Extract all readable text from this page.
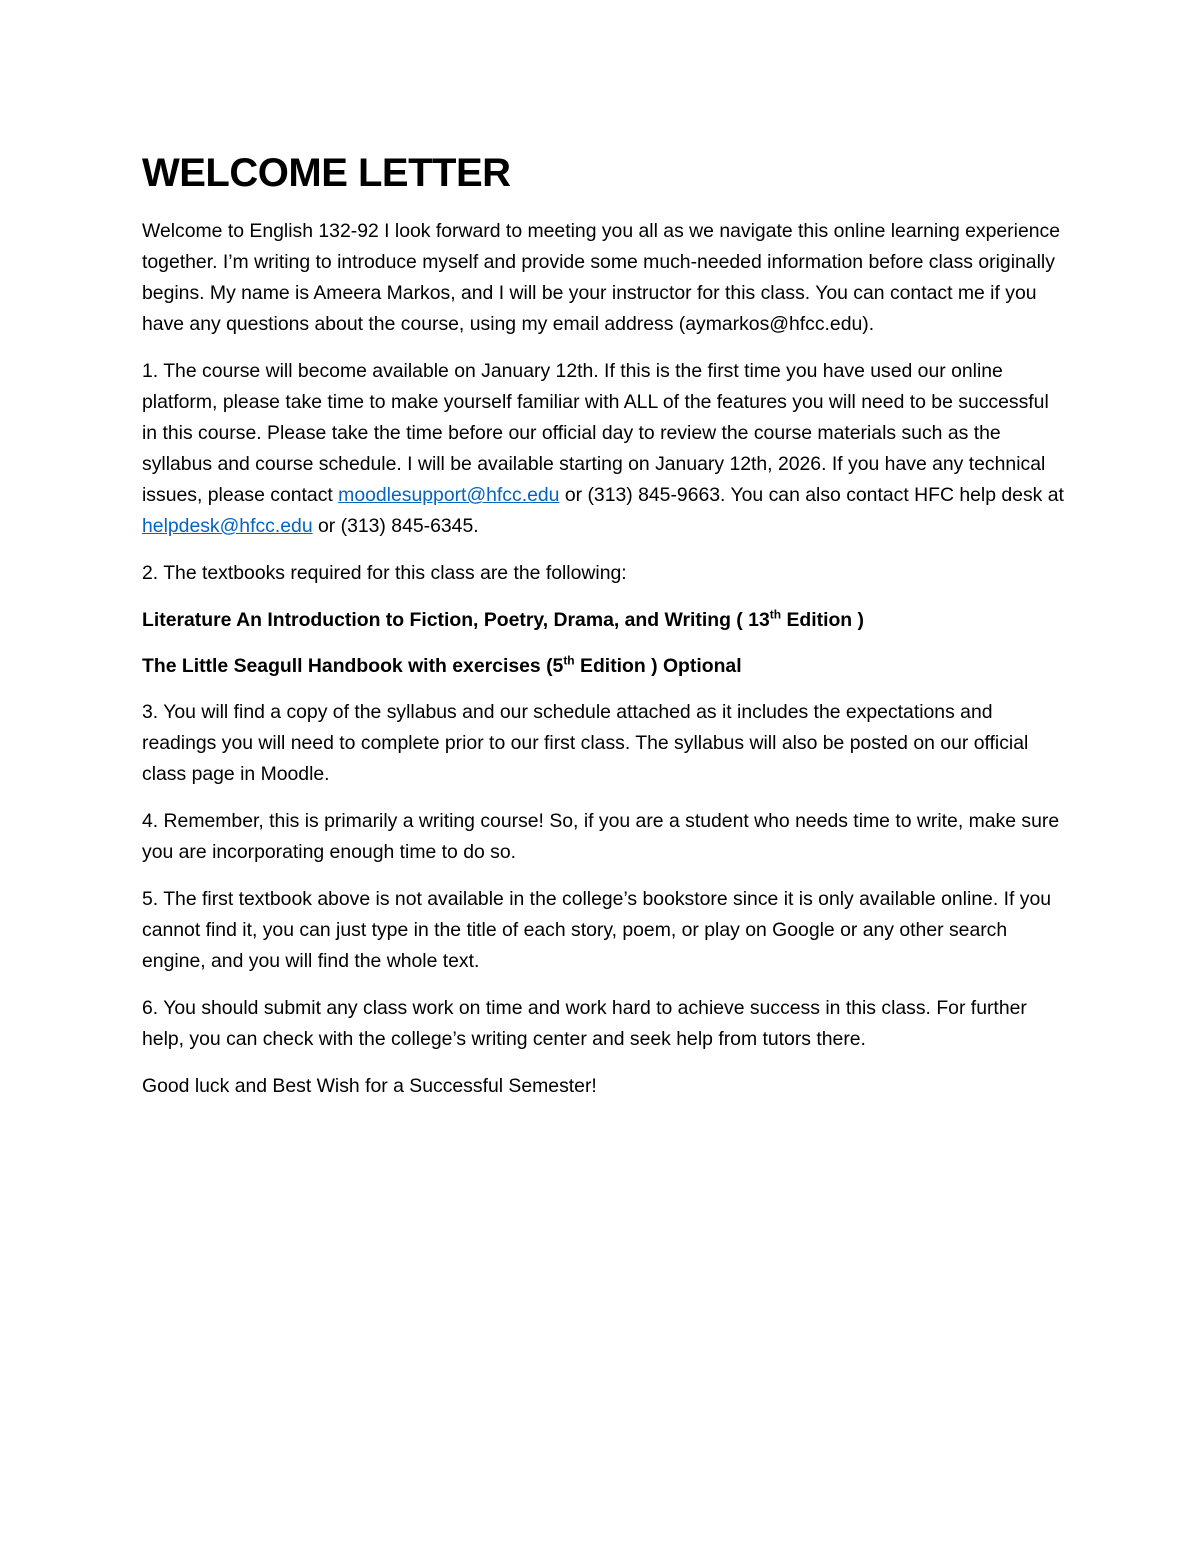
WELCOME LETTER

Welcome to English 132-92 I look forward to meeting you all as we navigate this online learning experience together. I’m writing to introduce myself and provide some much-needed information before class originally begins. My name is Ameera Markos, and I will be your instructor for this class. You can contact me if you have any questions about the course, using my email address (aymarkos@hfcc.edu).

1. The course will become available on January 12th. If this is the first time you have used our online platform, please take time to make yourself familiar with ALL of the features you will need to be successful in this course. Please take the time before our official day to review the course materials such as the syllabus and course schedule. I will be available starting on January 12th, 2026. If you have any technical issues, please contact moodlesupport@hfcc.edu or (313) 845-9663. You can also contact HFC help desk at helpdesk@hfcc.edu or (313) 845-6345.

2. The textbooks required for this class are the following:

Literature An Introduction to Fiction, Poetry, Drama, and Writing ( 13th Edition )

The Little Seagull Handbook with exercises (5th Edition ) Optional

3. You will find a copy of the syllabus and our schedule attached as it includes the expectations and readings you will need to complete prior to our first class. The syllabus will also be posted on our official class page in Moodle.

4. Remember, this is primarily a writing course! So, if you are a student who needs time to write, make sure you are incorporating enough time to do so.

5. The first textbook above is not available in the college’s bookstore since it is only available online. If you cannot find it, you can just type in the title of each story, poem, or play on Google or any other search engine, and you will find the whole text.

6. You should submit any class work on time and work hard to achieve success in this class. For further help, you can check with the college’s writing center and seek help from tutors there.

Good luck and Best Wish for a Successful Semester!
